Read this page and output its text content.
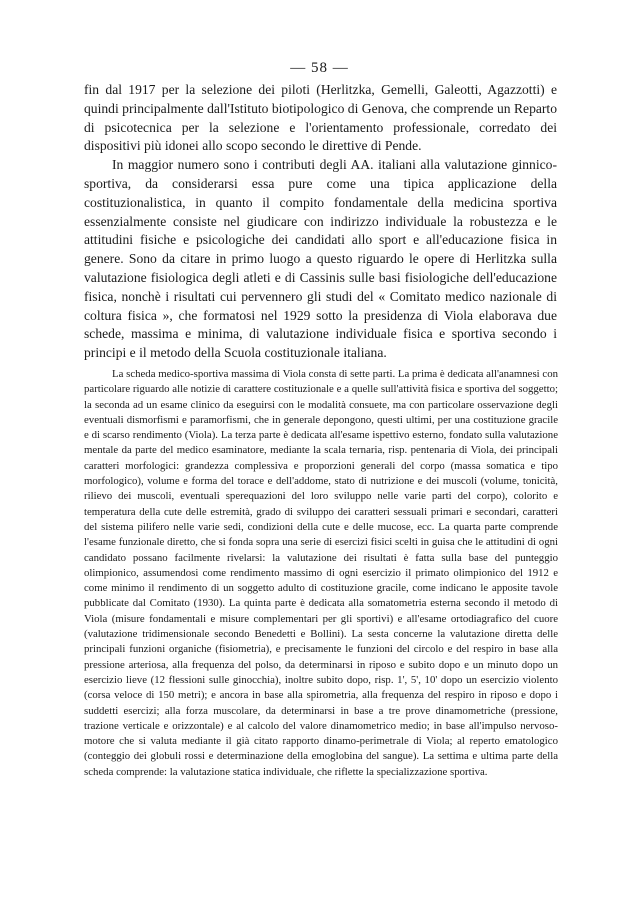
— 58 —

fin dal 1917 per la selezione dei piloti (Herlitzka, Gemelli, Galeotti, Agazzotti) e quindi principalmente dall'Istituto biotipologico di Genova, che comprende un Reparto di psicotecnica per la selezione e l'orientamento professionale, corredato dei dispositivi più idonei allo scopo secondo le direttive di Pende.

In maggior numero sono i contributi degli AA. italiani alla valutazione ginnico-sportiva, da considerarsi essa pure come una tipica applicazione della costituzionalistica, in quanto il compito fondamentale della medicina sportiva essenzialmente consiste nel giudicare con indirizzo individuale la robustezza e le attitudini fisiche e psicologiche dei candidati allo sport e all'educazione fisica in genere. Sono da citare in primo luogo a questo riguardo le opere di Herlitzka sulla valutazione fisiologica degli atleti e di Cassinis sulle basi fisiologiche dell'educazione fisica, nonchè i risultati cui pervennero gli studi del « Comitato medico nazionale di coltura fisica », che formatosi nel 1929 sotto la presidenza di Viola elaborava due schede, massima e minima, di valutazione individuale fisica e sportiva secondo i principi e il metodo della Scuola costituzionale italiana.

La scheda medico-sportiva massima di Viola consta di sette parti. La prima è dedicata all'anamnesi con particolare riguardo alle notizie di carattere costituzionale e a quelle sull'attività fisica e sportiva del soggetto; la seconda ad un esame clinico da eseguirsi con le modalità consuete, ma con particolare osservazione degli eventuali dismorfismi e paramorfismi, che in generale depongono, questi ultimi, per una costituzione gracile e di scarso rendimento (Viola). La terza parte è dedicata all'esame ispettivo esterno, fondato sulla valutazione mentale da parte del medico esaminatore, mediante la scala ternaria, risp. pentenaria di Viola, dei principali caratteri morfologici: grandezza complessiva e proporzioni generali del corpo (massa somatica e tipo morfologico), volume e forma del torace e dell'addome, stato di nutrizione e dei muscoli (volume, tonicità, rilievo dei muscoli, eventuali sperequazioni del loro sviluppo nelle varie parti del corpo), colorito e temperatura della cute delle estremità, grado di sviluppo dei caratteri sessuali primari e secondari, caratteri del sistema pilifero nelle varie sedi, condizioni della cute e delle mucose, ecc. La quarta parte comprende l'esame funzionale diretto, che si fonda sopra una serie di esercizi fisici scelti in guisa che le attitudini di ogni candidato possano facilmente rivelarsi: la valutazione dei risultati è fatta sulla base del punteggio olimpionico, assumendosi come rendimento massimo di ogni esercizio il primato olimpionico del 1912 e come minimo il rendimento di un soggetto adulto di costituzione gracile, come indicano le apposite tavole pubblicate dal Comitato (1930). La quinta parte è dedicata alla somatometria esterna secondo il metodo di Viola (misure fondamentali e misure complementari per gli sportivi) e all'esame ortodiagrafico del cuore (valutazione tridimensionale secondo Benedetti e Bollini). La sesta concerne la valutazione diretta delle principali funzioni organiche (fisiometria), e precisamente le funzioni del circolo e del respiro in base alla pressione arteriosa, alla frequenza del polso, da determinarsi in riposo e subito dopo e un minuto dopo un esercizio lieve (12 flessioni sulle ginocchia), inoltre subito dopo, risp. 1', 5', 10' dopo un esercizio violento (corsa veloce di 150 metri); e ancora in base alla spirometria, alla frequenza del respiro in riposo e dopo i suddetti esercizi; alla forza muscolare, da determinarsi in base a tre prove dinamometriche (pressione, trazione verticale e orizzontale) e al calcolo del valore dinamometrico medio; in base all'impulso nervoso-motore che si valuta mediante il già citato rapporto dinamo-perimetrale di Viola; al reperto ematologico (conteggio dei globuli rossi e determinazione della emoglobina del sangue). La settima e ultima parte della scheda comprende: la valutazione statica individuale, che riflette la specializzazione sportiva.
